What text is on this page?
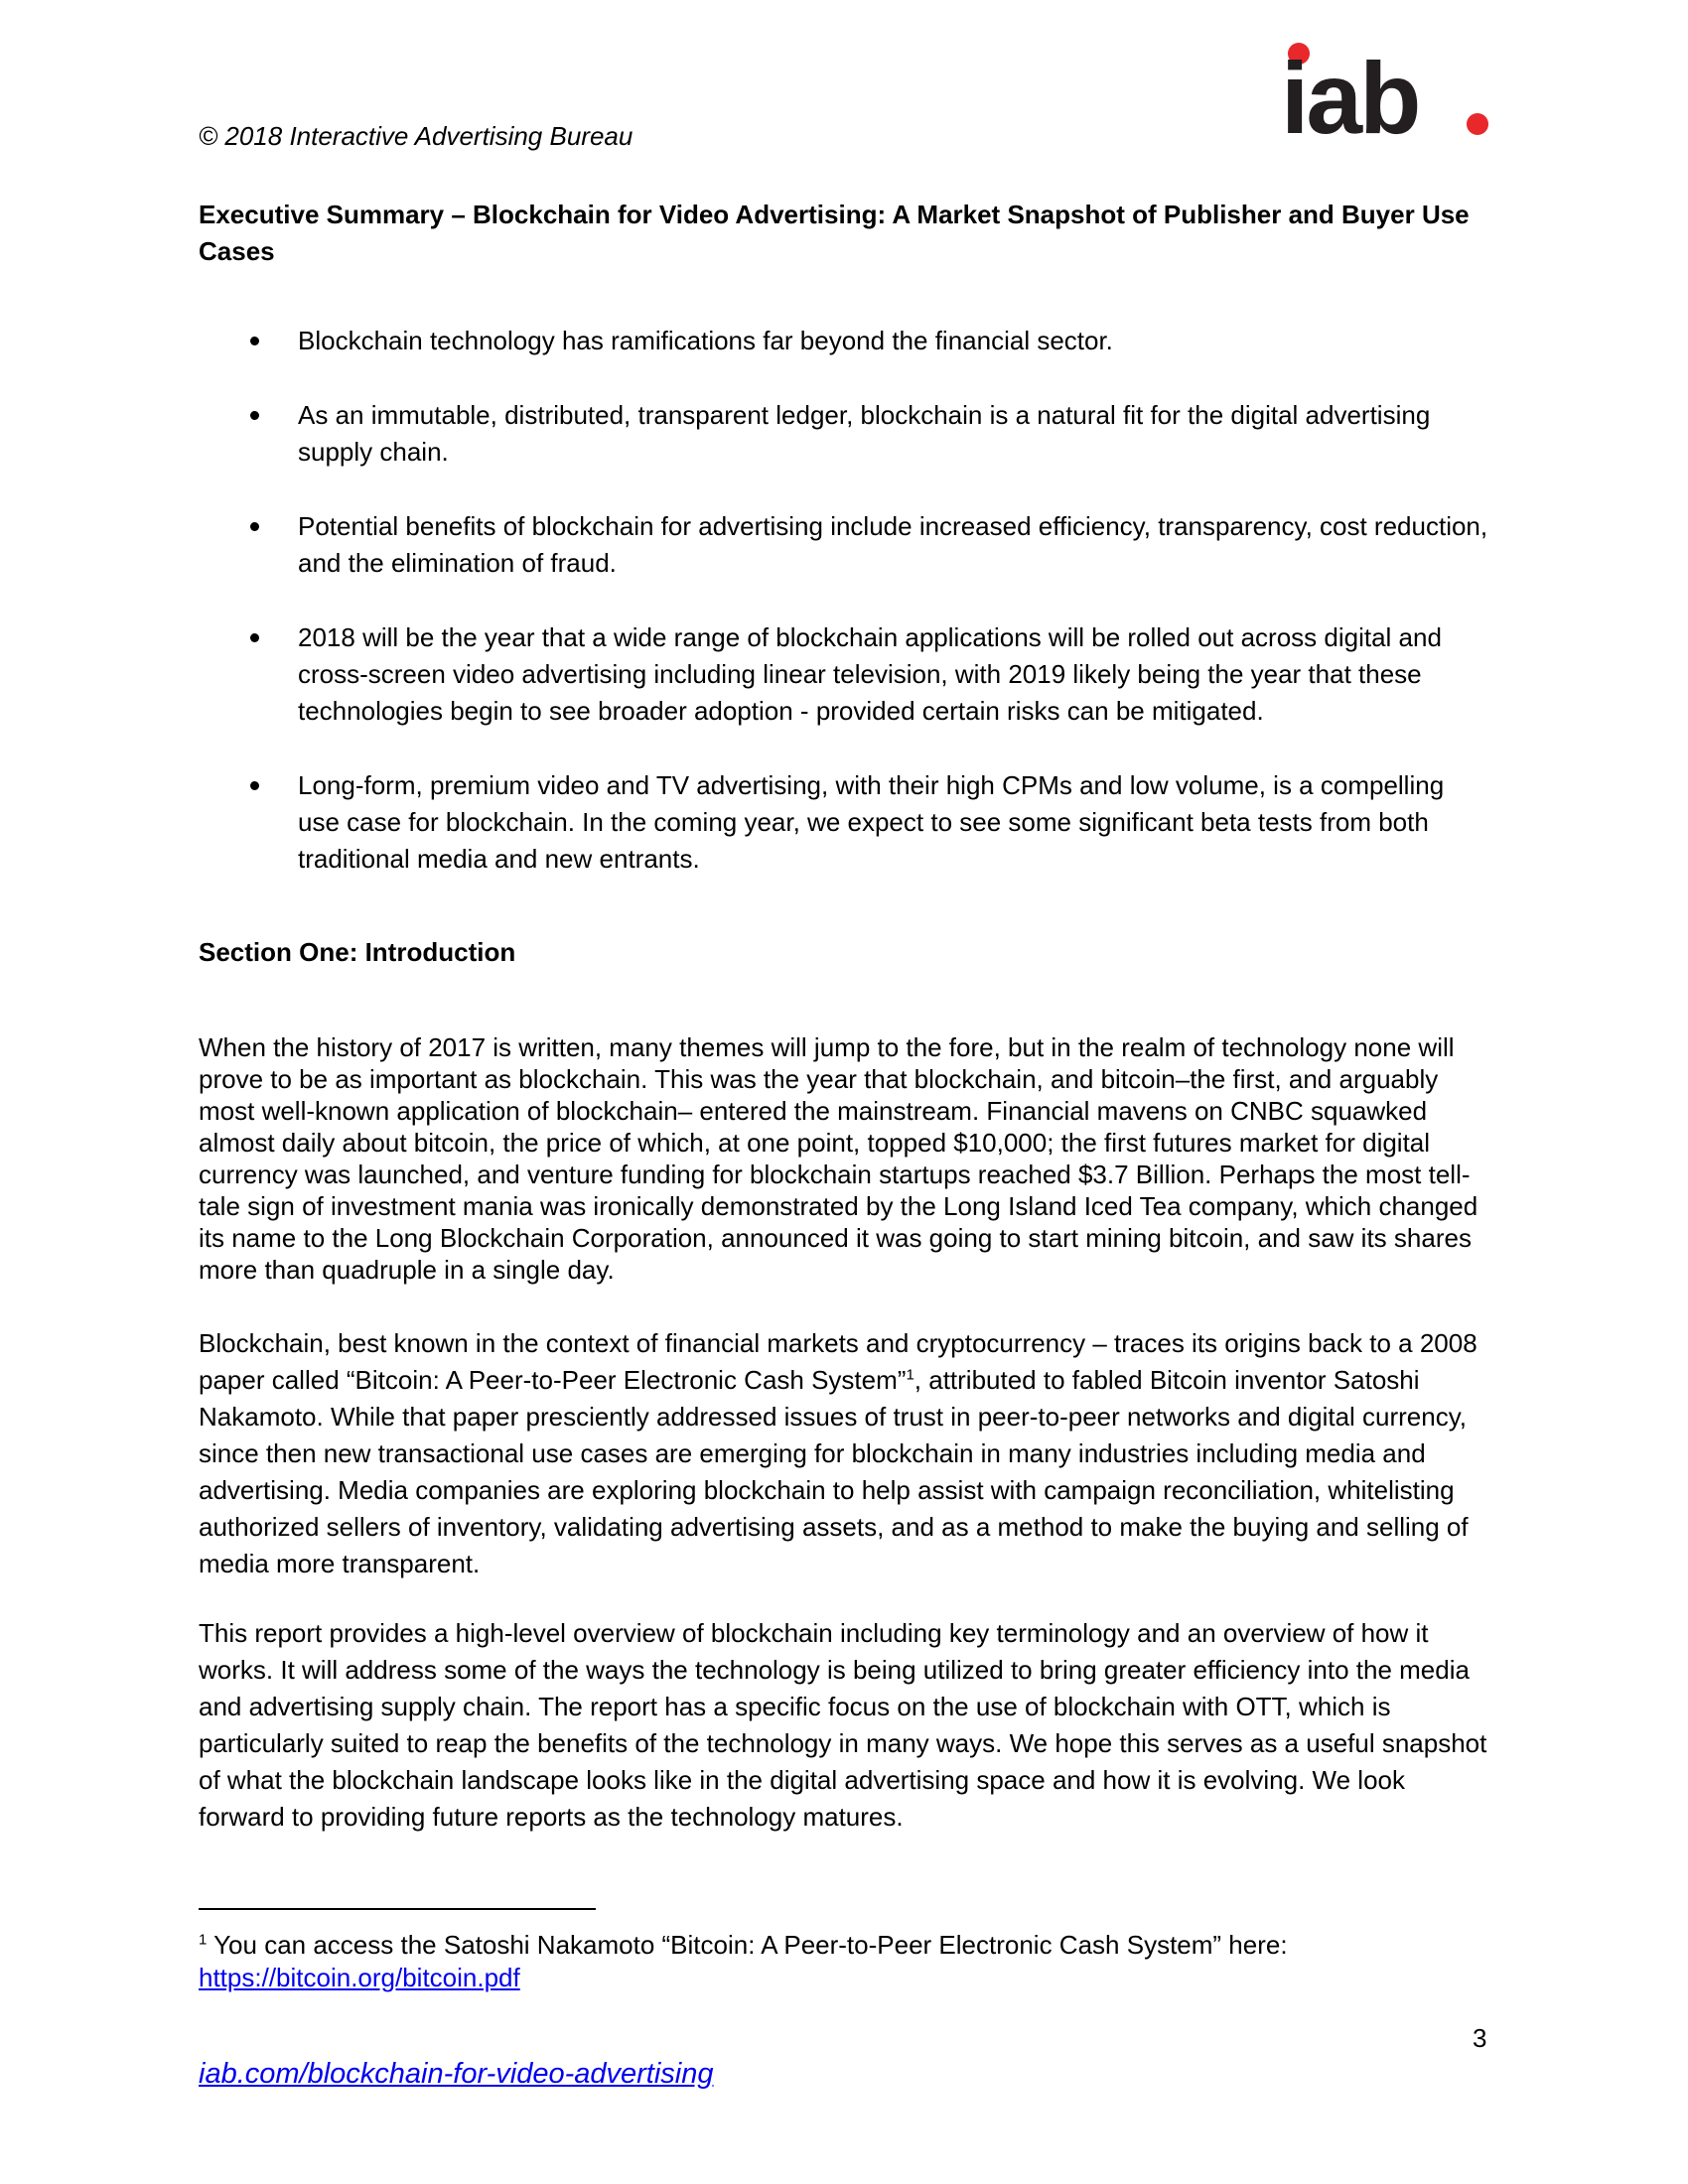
© 2018 Interactive Advertising Bureau	iab
Executive Summary – Blockchain for Video Advertising: A Market Snapshot of Publisher and Buyer Use Cases
Blockchain technology has ramifications far beyond the financial sector.
As an immutable, distributed, transparent ledger, blockchain is a natural fit for the digital advertising supply chain.
Potential benefits of blockchain for advertising include increased efficiency, transparency, cost reduction, and the elimination of fraud.
2018 will be the year that a wide range of blockchain applications will be rolled out across digital and cross-screen video advertising including linear television, with 2019 likely being the year that these technologies begin to see broader adoption - provided certain risks can be mitigated.
Long-form, premium video and TV advertising, with their high CPMs and low volume, is a compelling use case for blockchain. In the coming year, we expect to see some significant beta tests from both traditional media and new entrants.
Section One: Introduction

When the history of 2017 is written, many themes will jump to the fore, but in the realm of technology none will prove to be as important as blockchain. This was the year that blockchain, and bitcoin–the first, and arguably most well-known application of blockchain– entered the mainstream. Financial mavens on CNBC squawked almost daily about bitcoin, the price of which, at one point, topped $10,000; the first futures market for digital currency was launched, and venture funding for blockchain startups reached $3.7 Billion. Perhaps the most tell-tale sign of investment mania was ironically demonstrated by the Long Island Iced Tea company, which changed its name to the Long Blockchain Corporation, announced it was going to start mining bitcoin, and saw its shares more than quadruple in a single day.

Blockchain, best known in the context of financial markets and cryptocurrency – traces its origins back to a 2008 paper called “Bitcoin: A Peer-to-Peer Electronic Cash System”$^1$, attributed to fabled Bitcoin inventor Satoshi Nakamoto. While that paper presciently addressed issues of trust in peer-to-peer networks and digital currency, since then new transactional use cases are emerging for blockchain in many industries including media and advertising. Media companies are exploring blockchain to help assist with campaign reconciliation, whitelisting authorized sellers of inventory, validating advertising assets, and as a method to make the buying and selling of media more transparent.

This report provides a high-level overview of blockchain including key terminology and an overview of how it works. It will address some of the ways the technology is being utilized to bring greater efficiency into the media and advertising supply chain. The report has a specific focus on the use of blockchain with OTT, which is particularly suited to reap the benefits of the technology in many ways. We hope this serves as a useful snapshot of what the blockchain landscape looks like in the digital advertising space and how it is evolving. We look forward to providing future reports as the technology matures.

$^1$ You can access the Satoshi Nakamoto “Bitcoin: A Peer-to-Peer Electronic Cash System” here:
https://bitcoin.org/bitcoin.pdf
3
iab.com/blockchain-for-video-advertising
